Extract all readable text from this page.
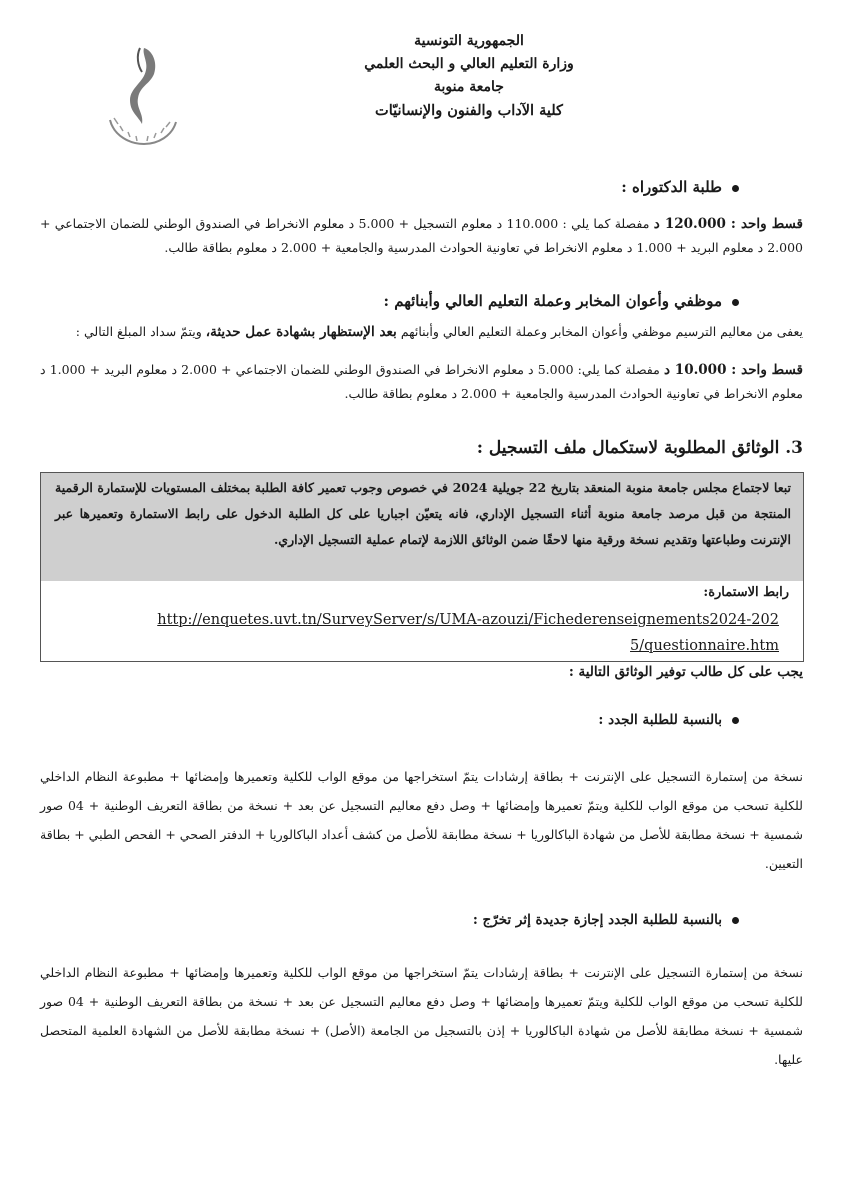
الجمهورية التونسية
وزارة التعليم العالي و البحث العلمي
جامعة منوبة
كلية الآداب والفنون والإنسانيّات
طلبة الدكتوراه :
قسط واحد : 120.000 د مفصلة كما يلي : 110.000 د معلوم التسجيل + 5.000 د معلوم الانخراط في الصندوق الوطني للضمان الاجتماعي + 2.000 د معلوم البريد + 1.000 د معلوم الانخراط في تعاونية الحوادث المدرسية والجامعية + 2.000 د معلوم بطاقة طالب.
موظفي وأعوان المخابر وعملة التعليم العالي وأبنائهم :
يعفى من معاليم الترسيم موظفي وأعوان المخابر وعملة التعليم العالي وأبنائهم بعد الإستظهار بشهادة عمل حديثة، ويتمّ سداد المبلغ التالي :
قسط واحد : 10.000 د مفصلة كما يلي: 5.000 د معلوم الانخراط في الصندوق الوطني للضمان الاجتماعي + 2.000 د معلوم البريد + 1.000 د معلوم الانخراط في تعاونية الحوادث المدرسية والجامعية + 2.000 د معلوم بطاقة طالب.
3. الوثائق المطلوبة لاستكمال ملف التسجيل :
تبعا لاجتماع مجلس جامعة منوبة المنعقد بتاريخ 22 جويلية 2024 في خصوص وجوب تعمير كافة الطلبة بمختلف المستويات للإستمارة الرقمية المنتجة من قبل مرصد جامعة منوبة أثناء التسجيل الإداري، فانه يتعيّن اجباريا على كل الطلبة الدخول على رابط الاستمارة وتعميرها عبر الإنترنت وطباعتها وتقديم نسخة ورقية منها لاحقًا ضمن الوثائق اللازمة لإتمام عملية التسجيل الإداري.
رابط الاستمارة:
http://enquetes.uvt.tn/SurveyServer/s/UMA-azouzi/Fichederenseignements2024-2025/questionnaire.htm
يجب على كل طالب توفير الوثائق التالية :
بالنسبة للطلبة الجدد :
نسخة من إستمارة التسجيل على الإنترنت + بطاقة إرشادات يتمّ استخراجها من موقع الواب للكلية وتعميرها وإمضائها + مطبوعة النظام الداخلي للكلية تسحب من موقع الواب للكلية ويتمّ تعميرها وإمضائها + وصل دفع معاليم التسجيل عن بعد + نسخة من بطاقة التعريف الوطنية + 04 صور شمسية + نسخة مطابقة للأصل من شهادة الباكالوريا + نسخة مطابقة للأصل من كشف أعداد الباكالوريا + الدفتر الصحي + الفحص الطبي + بطاقة التعيين.
بالنسبة للطلبة الجدد إجازة جديدة إثر تخرّج :
نسخة من إستمارة التسجيل على الإنترنت + بطاقة إرشادات يتمّ استخراجها من موقع الواب للكلية وتعميرها وإمضائها + مطبوعة النظام الداخلي للكلية تسحب من موقع الواب للكلية ويتمّ تعميرها وإمضائها + وصل دفع معاليم التسجيل عن بعد + نسخة من بطاقة التعريف الوطنية + 04 صور شمسية + نسخة مطابقة للأصل من شهادة الباكالوريا + إذن بالتسجيل من الجامعة (الأصل) + نسخة مطابقة للأصل من الشهادة العلمية المتحصل عليها.
